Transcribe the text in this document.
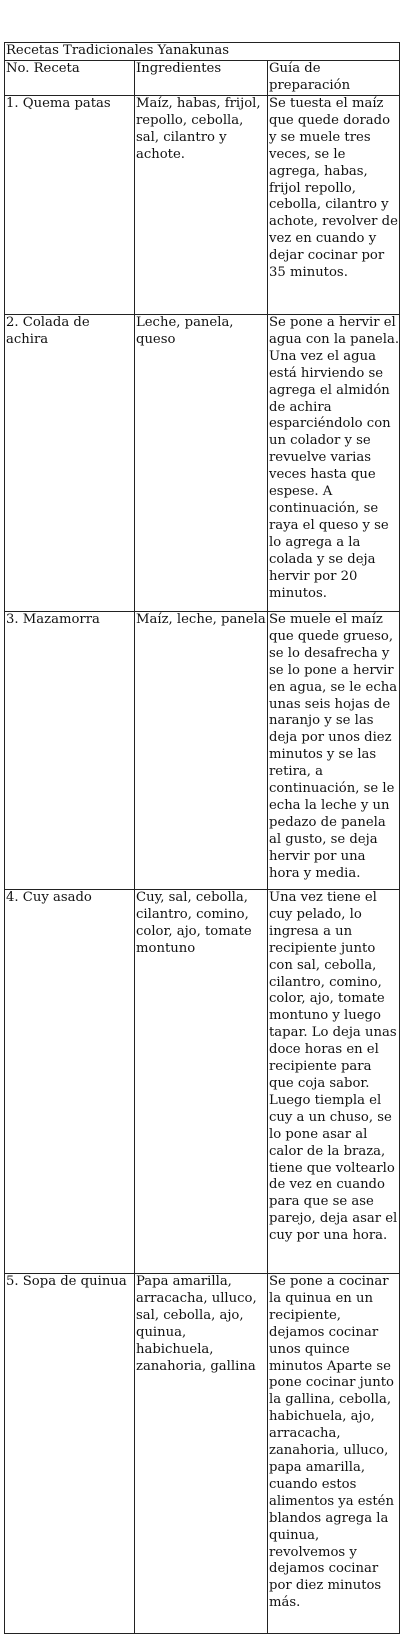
Recetas Tradicionales Yanakunas		
No. Receta	Ingredientes	Guía de preparación
1. Quema patas	Maíz, habas, frijol, repollo, cebolla, sal, cilantro y achote.	Se tuesta el maíz que quede dorado y se muele tres veces, se le agrega, habas, frijol repollo, cebolla, cilantro y achote, revolver de vez en cuando y dejar cocinar por 35 minutos.
2. Colada de achira	Leche, panela, queso	Se pone a hervir el agua con la panela. Una vez el agua está hirviendo se agrega el almidón de achira esparciéndolo con un colador y se revuelve varias veces hasta que espese. A continuación, se raya el queso y se lo agrega a la colada y se deja hervir por 20 minutos.
3. Mazamorra	Maíz, leche, panela	Se muele el maíz que quede grueso, se lo desafrecha y se lo pone a hervir en agua, se le echa unas seis hojas de naranjo y se las deja por unos diez minutos y se las retira, a continuación, se le echa la leche y un pedazo de panela al gusto, se deja hervir por una hora y media.
4. Cuy asado	Cuy, sal, cebolla, cilantro, comino, color, ajo, tomate montuno	Una vez tiene el cuy pelado, lo ingresa a un recipiente junto con sal, cebolla, cilantro, comino, color, ajo, tomate montuno y luego tapar. Lo deja unas doce horas en el recipiente para que coja sabor. Luego tiempla el cuy a un chuso, se lo pone asar al calor de la braza, tiene que voltearlo de vez en cuando para que se ase parejo, deja asar el cuy por una hora.
5. Sopa de quinua	Papa amarilla, arracacha, ulluco, sal, cebolla, ajo, quinua, habichuela, zanahoria, gallina	Se pone a cocinar la quinua en un recipiente, dejamos cocinar unos quince minutos Aparte se pone cocinar junto la gallina, cebolla, habichuela, ajo, arracacha, zanahoria, ulluco, papa amarilla, cuando estos alimentos ya estén blandos agrega la quinua, revolvemos y dejamos cocinar por diez minutos más.
